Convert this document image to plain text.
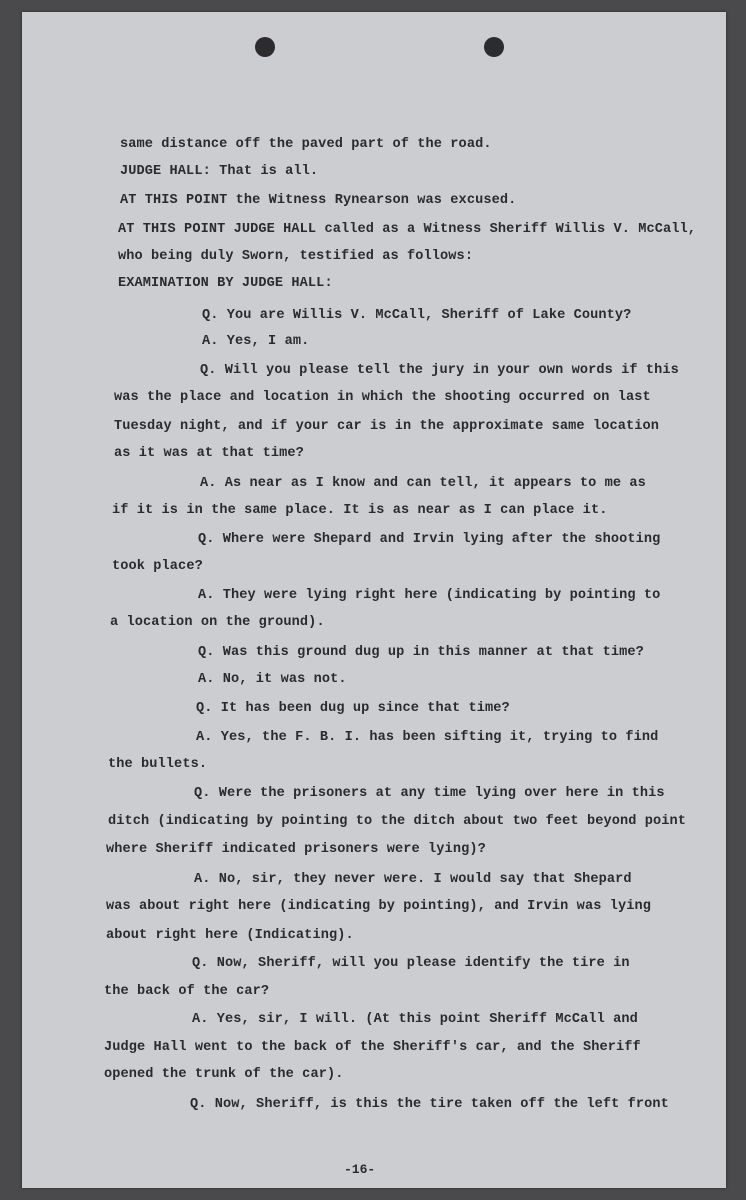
same distance off the paved part of the road.
JUDGE HALL: That is all.
AT THIS POINT the Witness Rynearson was excused.
AT THIS POINT JUDGE HALL called as a Witness Sheriff Willis V. McCall,
who being duly Sworn, testified as follows:
EXAMINATION BY JUDGE HALL:
Q. You are Willis V. McCall, Sheriff of Lake County?
A. Yes, I am.
Q. Will you please tell the jury in your own words if this
was the place and location in which the shooting occurred on last
Tuesday night, and if your car is in the approximate same location
as it was at that time?
A. As near as I know and can tell, it appears to me as
if it is in the same place. It is as near as I can place it.
Q. Where were Shepard and Irvin lying after the shooting
took place?
A. They were lying right here (indicating by pointing to
a location on the ground).
Q. Was this ground dug up in this manner at that time?
A. No, it was not.
Q. It has been dug up since that time?
A. Yes, the F. B. I. has been sifting it, trying to find
the bullets.
Q. Were the prisoners at any time lying over here in this
ditch (indicating by pointing to the ditch about two feet beyond point
where Sheriff indicated prisoners were lying)?
A. No, sir, they never were. I would say that Shepard
was about right here (indicating by pointing), and Irvin was lying
about right here (Indicating).
Q. Now, Sheriff, will you please identify the tire in
the back of the car?
A. Yes, sir, I will. (At this point Sheriff McCall and
Judge Hall went to the back of the Sheriff's car, and the Sheriff
opened the trunk of the car).
Q. Now, Sheriff, is this the tire taken off the left front
-16-
